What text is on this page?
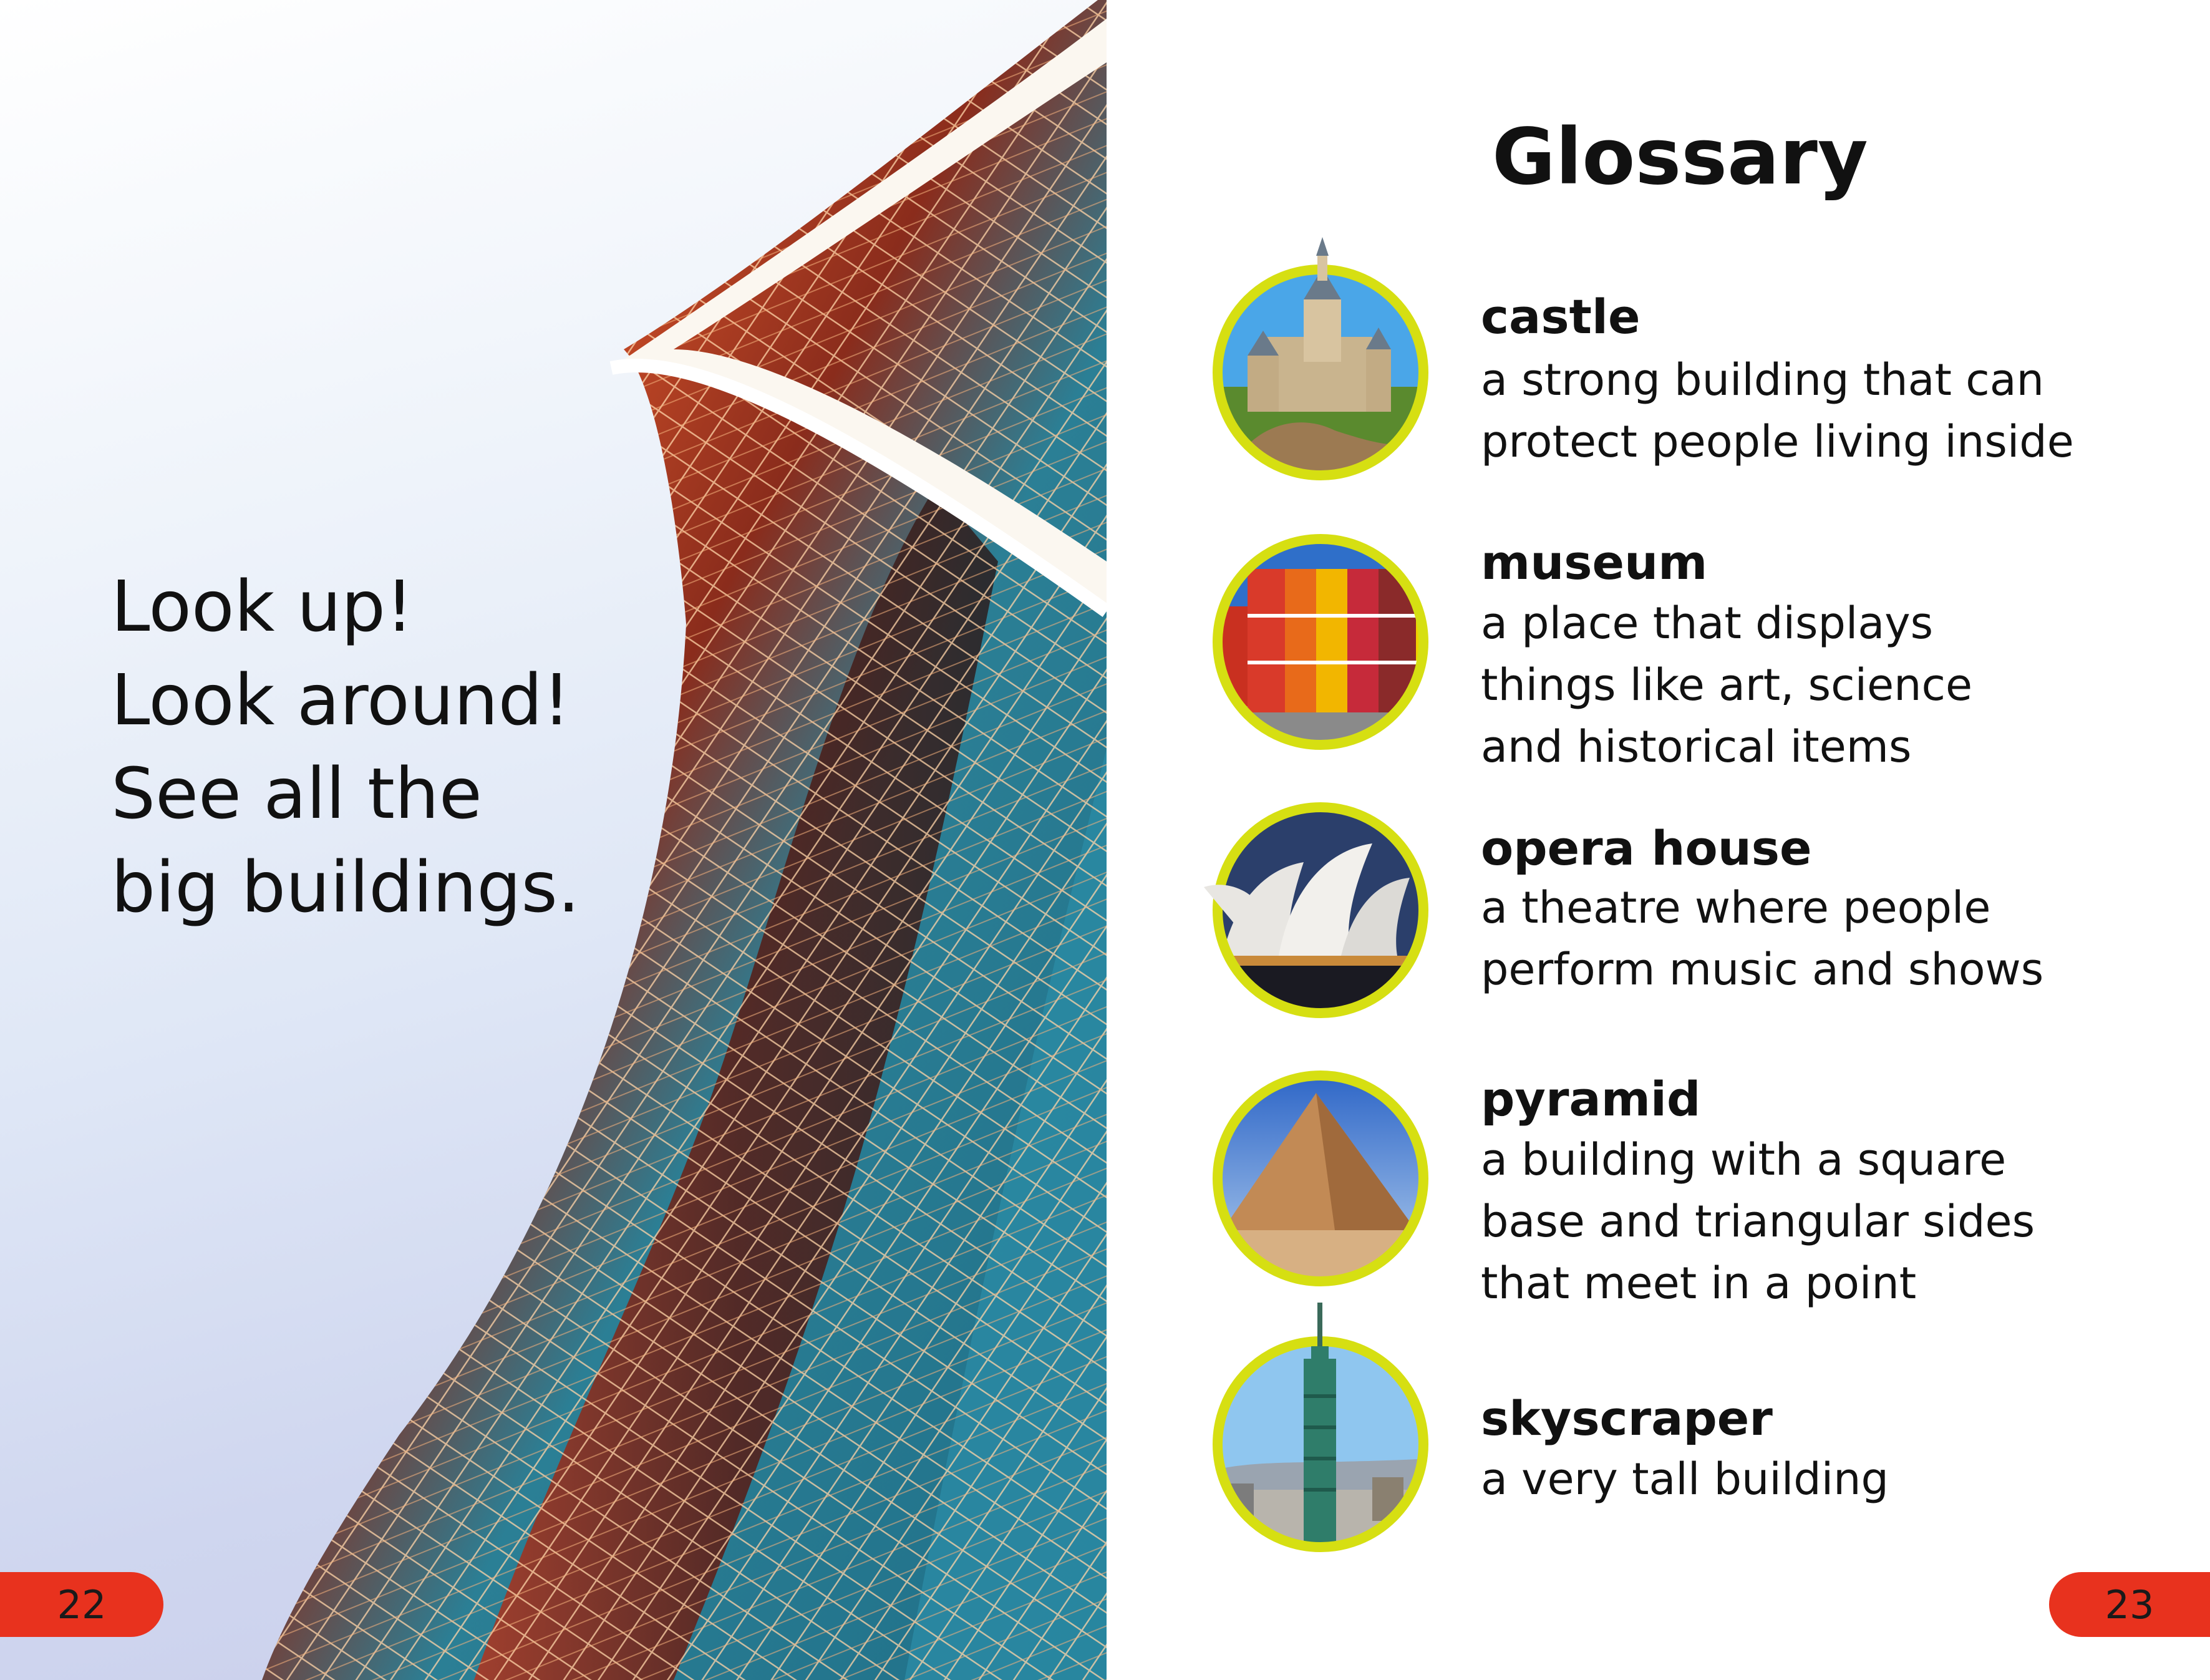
Look up!
Look around!
See all the
big buildings.
Glossary
castle
a strong building that can
protect people living inside
museum
a place that displays
things like art, science
and historical items
opera house
a theatre where people
perform music and shows
pyramid
a building with a square
base and triangular sides
that meet in a point
skyscraper
a very tall building
22	23
